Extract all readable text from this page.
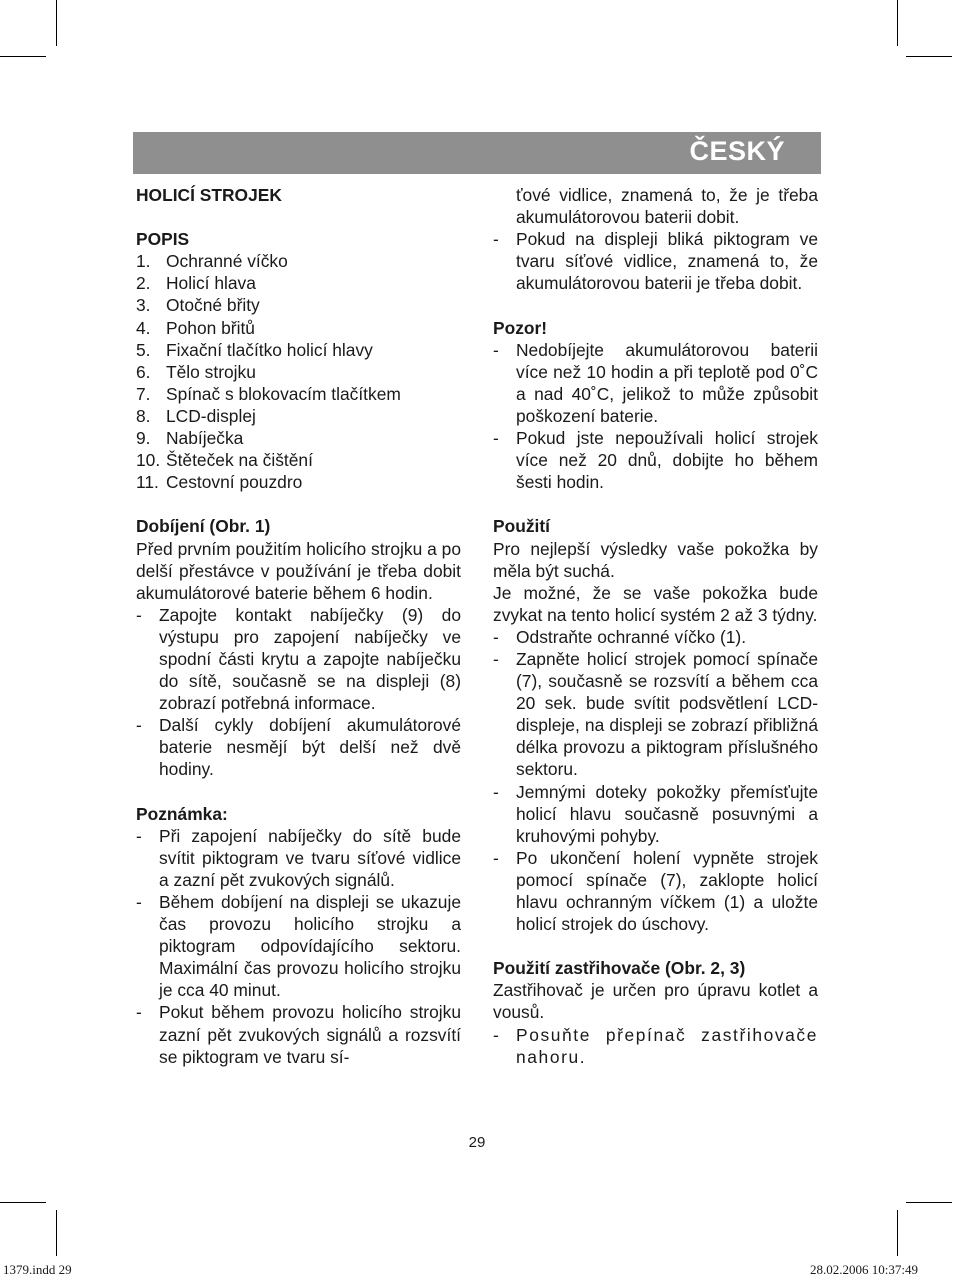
ČESKÝ

HOLICÍ STROJEK

POPIS

1. Ochranné víčko
2. Holicí hlava
3. Otočné břity
4. Pohon břitů
5. Fixační tlačítko holicí hlavy
6. Tělo strojku
7. Spínač s blokovacím tlačítkem
8. LCD-displej
9. Nabíječka
10. Štěteček na čištění
11. Cestovní pouzdro

Dobíjení (Obr. 1)

Před prvním použitím holicího strojku a po delší přestávce v používání je třeba dobit akumulátorové baterie během 6 hodin.

- Zapojte kontakt nabíječky (9) do výstupu pro zapojení nabíječky ve spodní části krytu a zapojte nabíječku do sítě, současně se na displeji (8) zobrazí potřebná informace.
- Další cykly dobíjení akumulátorové baterie nesmějí být delší než dvě hodiny.

Poznámka:

- Při zapojení nabíječky do sítě bude svítit piktogram ve tvaru síťové vidlice a zazní pět zvukových signálů.
- Během dobíjení na displeji se ukazuje čas provozu holicího strojku a piktogram odpovídajícího sektoru. Maximální čas provozu holicího strojku je cca 40 minut.
- Pokut během provozu holicího strojku zazní pět zvukových signálů a rozsvítí se piktogram ve tvaru sí-

ťové vidlice, znamená to, že je třeba akumulátorovou baterii dobit.

- Pokud na displeji bliká piktogram ve tvaru síťové vidlice, znamená to, že akumulátorovou baterii je třeba dobit.

Pozor!

- Nedobíjejte akumulátorovou baterii více než 10 hodin a při teplotě pod 0˚C a nad 40˚C, jelikož to může způsobit poškození baterie.
- Pokud jste nepoužívali holicí strojek více než 20 dnů, dobijte ho během šesti hodin.

Použití

Pro nejlepší výsledky vaše pokožka by měla být suchá.

Je možné, že se vaše pokožka bude zvykat na tento holicí systém 2 až 3 týdny.

- Odstraňte ochranné víčko (1).
- Zapněte holicí strojek pomocí spínače (7), současně se rozsvítí a během cca 20 sek. bude svítit podsvětlení LCD-displeje, na displeji se zobrazí přibližná délka provozu a piktogram příslušného sektoru.
- Jemnými doteky pokožky přemísťujte holicí hlavu současně posuvnými a kruhovými pohyby.
- Po ukončení holení vypněte strojek pomocí spínače (7), zaklopte holicí hlavu ochranným víčkem (1) a uložte holicí strojek do úschovy.

Použití zastřihovače (Obr. 2, 3)

Zastřihovač je určen pro úpravu kotlet a vousů.

- Posuňte přepínač zastřihovače nahoru.
29
1379.indd 29	28.02.2006 10:37:49
